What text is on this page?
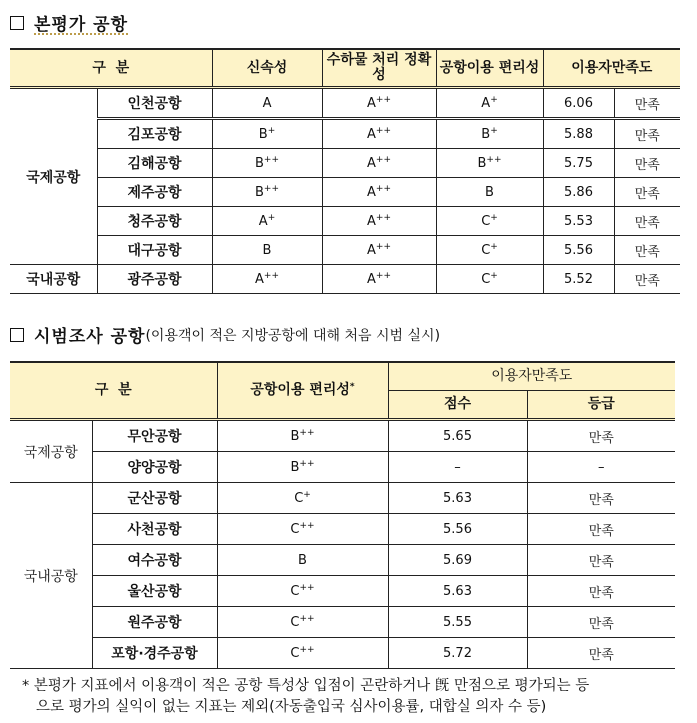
본평가 공항
구  분		신속성	수하물 처리 정확성	공항이용 편리성	이용자만족도	
국제공항	인천공항	A	A++	A+	6.06	만족
	김포공항	B+	A++	B+	5.88	만족
	김해공항	B++	A++	B++	5.75	만족
	제주공항	B++	A++	B	5.86	만족
	청주공항	A+	A++	C+	5.53	만족
	대구공항	B	A++	C+	5.56	만족
국내공항	광주공항	A++	A++	C+	5.52	만족
시범조사 공항 (이용객이 적은 지방공항에 대해 처음 시범 실시)
구  분		공항이용 편리성*	이용자만족도	
			점수	등급
국제공항	무안공항	B++	5.65	만족
	양양공항	B++	–	–
국내공항	군산공항	C+	5.63	만족
	사천공항	C++	5.56	만족
	여수공항	B	5.69	만족
	울산공항	C++	5.63	만족
	원주공항	C++	5.55	만족
	포항·경주공항	C++	5.72	만족
* 본평가 지표에서 이용객이 적은 공항 특성상 입점이 곤란하거나 旣 만점으로 평가되는 등
으로 평가의 실익이 없는 지표는 제외(자동출입국 심사이용률, 대합실 의자 수 등)
